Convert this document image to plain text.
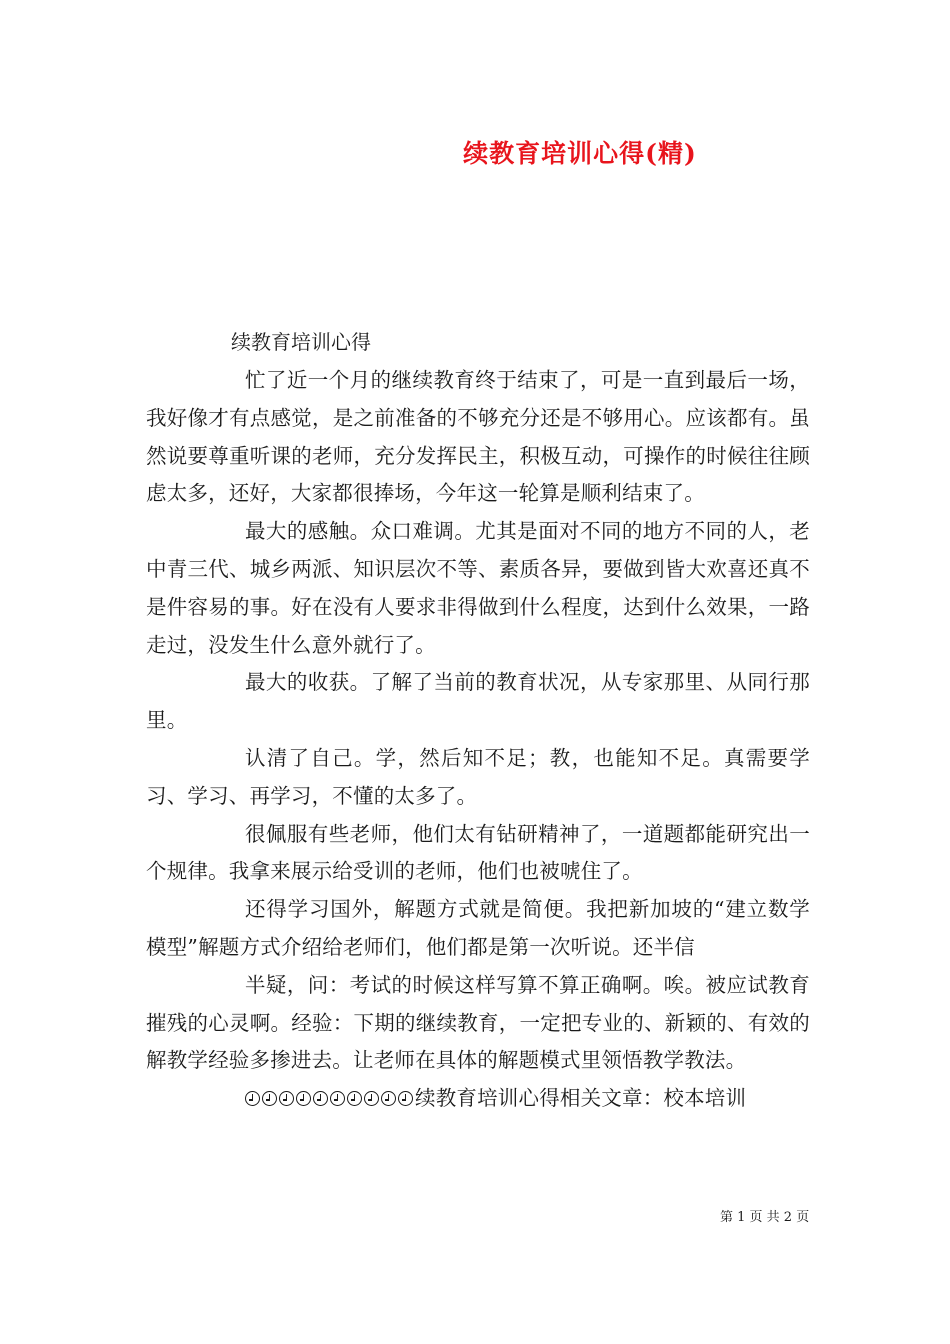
续教育培训心得(精)
续教育培训心得

忙了近一个月的继续教育终于结束了，可是一直到最后一场，我好像才有点感觉，是之前准备的不够充分还是不够用心。应该都有。虽然说要尊重听课的老师，充分发挥民主，积极互动，可操作的时候往往顾虑太多，还好，大家都很捧场，今年这一轮算是顺利结束了。

最大的感触。众口难调。尤其是面对不同的地方不同的人，老中青三代、城乡两派、知识层次不等、素质各异，要做到皆大欢喜还真不是件容易的事。好在没有人要求非得做到什么程度，达到什么效果，一路走过，没发生什么意外就行了。

最大的收获。了解了当前的教育状况，从专家那里、从同行那里。

认清了自己。学，然后知不足；教，也能知不足。真需要学习、学习、再学习，不懂的太多了。

很佩服有些老师，他们太有钻研精神了，一道题都能研究出一个规律。我拿来展示给受训的老师，他们也被唬住了。

还得学习国外，解题方式就是简便。我把新加坡的“建立数学模型”解题方式介绍给老师们，他们都是第一次听说。还半信

半疑，问：考试的时候这样写算不算正确啊。唉。被应试教育摧残的心灵啊。经验：下期的继续教育，一定把专业的、新颖的、有效的解教学经验多掺进去。让老师在具体的解题模式里领悟教学教法。

续教育培训心得相关文章：校本培训

第 1 页 共 2 页
